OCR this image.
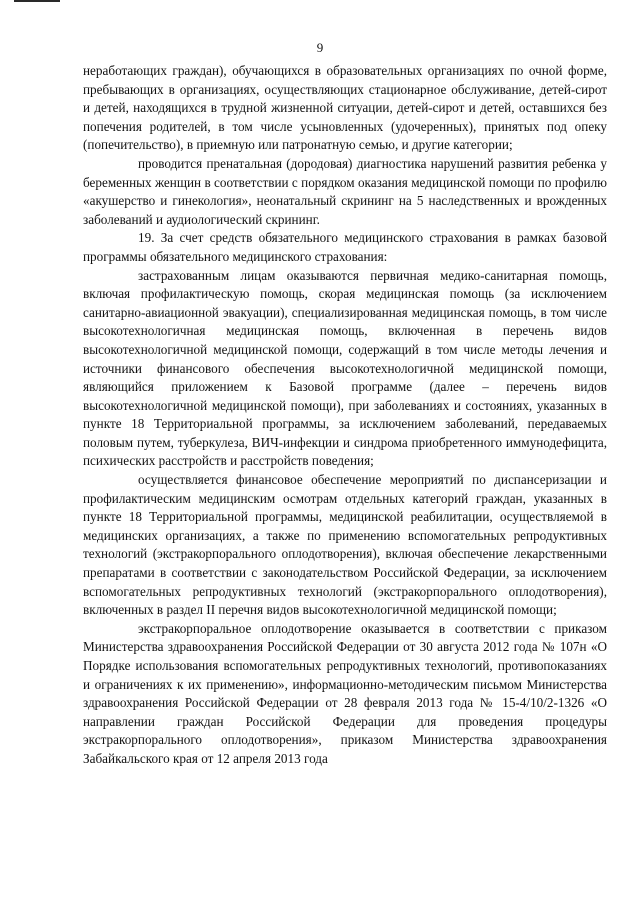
9

неработающих граждан), обучающихся в образовательных организациях по очной форме, пребывающих в организациях, осуществляющих стационарное обслуживание, детей-сирот и детей, находящихся в трудной жизненной ситуации, детей-сирот и детей, оставшихся без попечения родителей, в том числе усыновленных (удочеренных), принятых под опеку (попечительство), в приемную или патронатную семью, и другие категории;

проводится пренатальная (дородовая) диагностика нарушений развития ребенка у беременных женщин в соответствии с порядком оказания медицинской помощи по профилю «акушерство и гинекология», неонатальный скрининг на 5 наследственных и врожденных заболеваний и аудиологический скрининг.

19. За счет средств обязательного медицинского страхования в рамках базовой программы обязательного медицинского страхования:

застрахованным лицам оказываются первичная медико-санитарная помощь, включая профилактическую помощь, скорая медицинская помощь (за исключением санитарно-авиационной эвакуации), специализированная медицинская помощь, в том числе высокотехнологичная медицинская помощь, включенная в перечень видов высокотехнологичной медицинской помощи, содержащий в том числе методы лечения и источники финансового обеспечения высокотехнологичной медицинской помощи, являющийся приложением к Базовой программе (далее – перечень видов высокотехнологичной медицинской помощи), при заболеваниях и состояниях, указанных в пункте 18 Территориальной программы, за исключением заболеваний, передаваемых половым путем, туберкулеза, ВИЧ-инфекции и синдрома приобретенного иммунодефицита, психических расстройств и расстройств поведения;

осуществляется финансовое обеспечение мероприятий по диспансеризации и профилактическим медицинским осмотрам отдельных категорий граждан, указанных в пункте 18 Территориальной программы, медицинской реабилитации, осуществляемой в медицинских организациях, а также по применению вспомогательных репродуктивных технологий (экстракорпорального оплодотворения), включая обеспечение лекарственными препаратами в соответствии с законодательством Российской Федерации, за исключением вспомогательных репродуктивных технологий (экстракорпорального оплодотворения), включенных в раздел II перечня видов высокотехнологичной медицинской помощи;

экстракорпоральное оплодотворение оказывается в соответствии с приказом Министерства здравоохранения Российской Федерации от 30 августа 2012 года № 107н «О Порядке использования вспомогательных репродуктивных технологий, противопоказаниях и ограничениях к их применению», информационно-методическим письмом Министерства здравоохранения Российской Федерации от 28 февраля 2013 года № 15-4/10/2-1326 «О направлении граждан Российской Федерации для проведения процедуры экстракорпорального оплодотворения», приказом Министерства здравоохранения Забайкальского края от 12 апреля 2013 года
